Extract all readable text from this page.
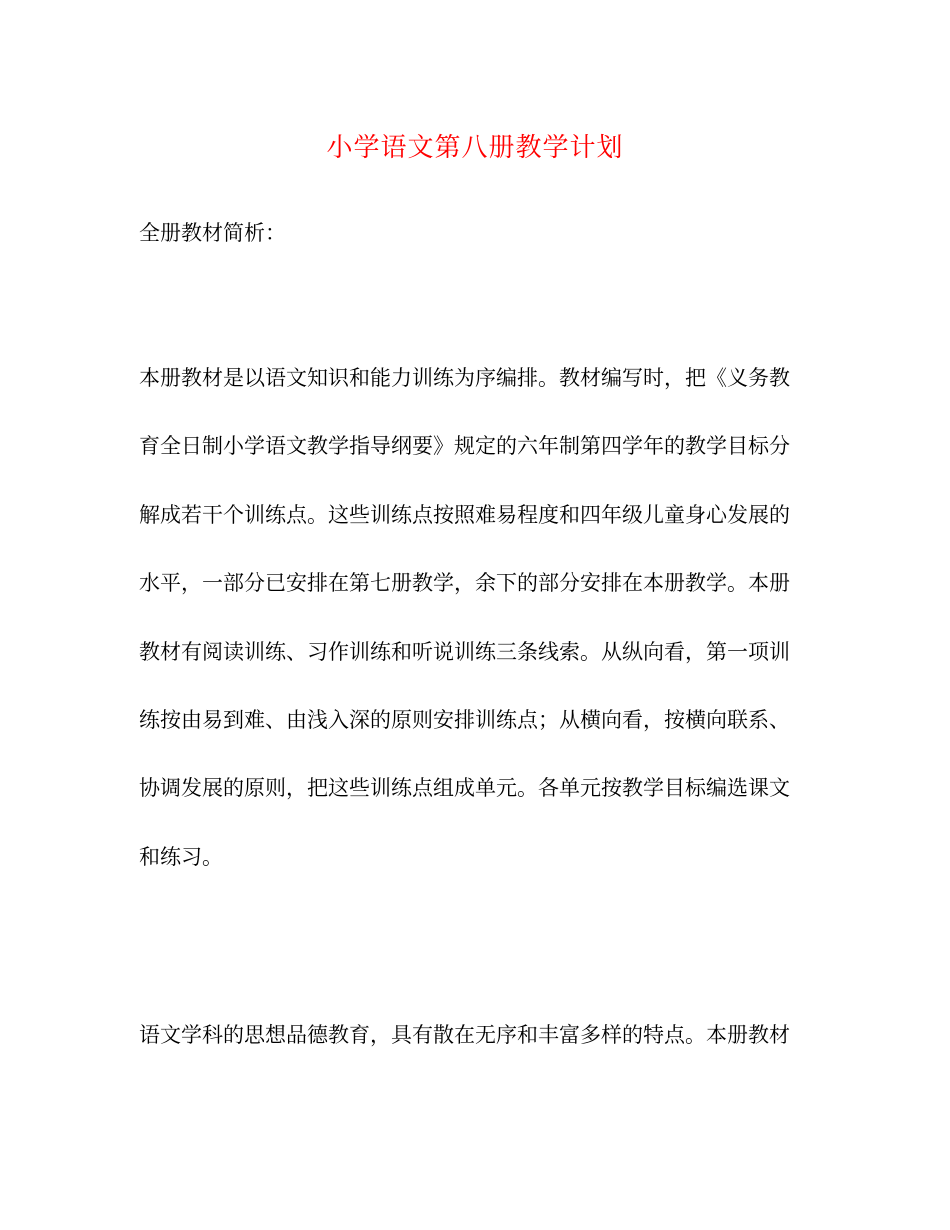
小学语文第八册教学计划
全册教材简析：
本册教材是以语文知识和能力训练为序编排。教材编写时，把《义务教
育全日制小学语文教学指导纲要》规定的六年制第四学年的教学目标分
解成若干个训练点。这些训练点按照难易程度和四年级儿童身心发展的
水平，一部分已安排在第七册教学，余下的部分安排在本册教学。本册
教材有阅读训练、习作训练和听说训练三条线索。从纵向看，第一项训
练按由易到难、由浅入深的原则安排训练点；从横向看，按横向联系、
协调发展的原则，把这些训练点组成单元。各单元按教学目标编选课文
和练习。
语文学科的思想品德教育，具有散在无序和丰富多样的特点。本册教材
